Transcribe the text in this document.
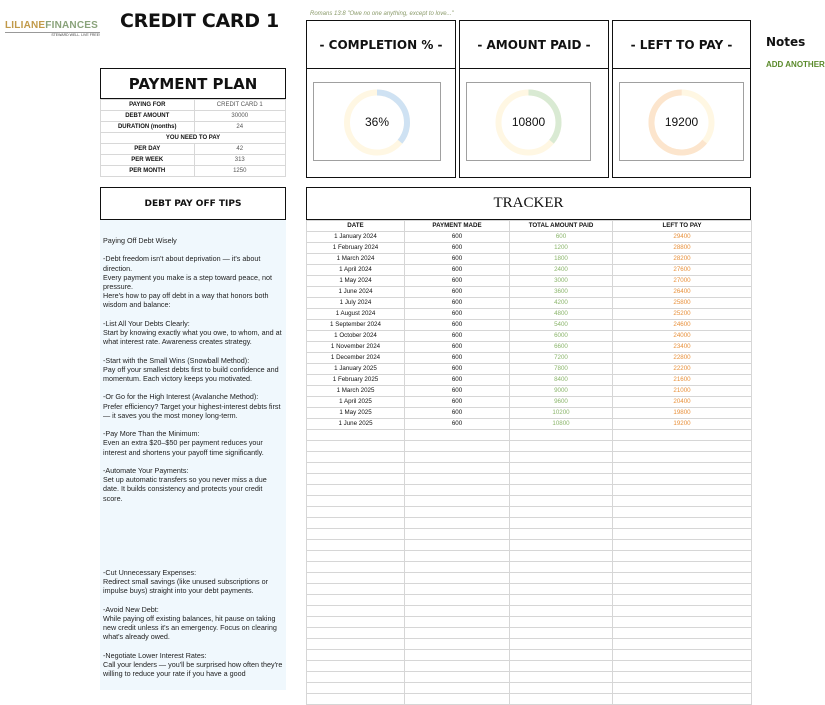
LILIANEFINANCES
STEWARD WELL. LIVE FREE!
CREDIT CARD 1	Romans 13:8 "Owe no one anything, except to love..."
- COMPLETION % -
36%
- AMOUNT PAID -
10800
- LEFT TO PAY -
19200
Notes
ADD ANOTHER
PAYMENT PLAN
PAYING FOR	CREDIT CARD 1
DEBT AMOUNT	30000
DURATION (months)	24
YOU NEED TO PAY
PER DAY	42
PER WEEK	313
PER MONTH	1250
DEBT PAY OFF TIPS

Paying Off Debt Wisely

-Debt freedom isn't about deprivation — it's about direction.
Every payment you make is a step toward peace, not pressure.
Here's how to pay off debt in a way that honors both wisdom and balance:

-List All Your Debts Clearly:
Start by knowing exactly what you owe, to whom, and at what interest rate. Awareness creates strategy.

-Start with the Small Wins (Snowball Method):
Pay off your smallest debts first to build confidence and momentum. Each victory keeps you motivated.

-Or Go for the High Interest (Avalanche Method):
Prefer efficiency? Target your highest-interest debts first — it saves you the most money long-term.

-Pay More Than the Minimum:
Even an extra $20–$50 per payment reduces your interest and shortens your payoff time significantly.

-Automate Your Payments:
Set up automatic transfers so you never miss a due date. It builds consistency and protects your credit score.

-Cut Unnecessary Expenses:
Redirect small savings (like unused subscriptions or impulse buys) straight into your debt payments.

-Avoid New Debt:
While paying off existing balances, hit pause on taking new credit unless it's an emergency. Focus on clearing what's already owed.

-Negotiate Lower Interest Rates:
Call your lenders — you'll be surprised how often they're willing to reduce your rate if you have a good

TRACKER
DATE	PAYMENT MADE	TOTAL AMOUNT PAID	LEFT TO PAY
1 January 2024	600	600	29400
1 February 2024	600	1200	28800
1 March 2024	600	1800	28200
1 April 2024	600	2400	27600
1 May 2024	600	3000	27000
1 June 2024	600	3600	26400
1 July 2024	600	4200	25800
1 August 2024	600	4800	25200
1 September 2024	600	5400	24600
1 October 2024	600	6000	24000
1 November 2024	600	6600	23400
1 December 2024	600	7200	22800
1 January 2025	600	7800	22200
1 February 2025	600	8400	21600
1 March 2025	600	9000	21000
1 April 2025	600	9600	20400
1 May 2025	600	10200	19800
1 June 2025	600	10800	19200
